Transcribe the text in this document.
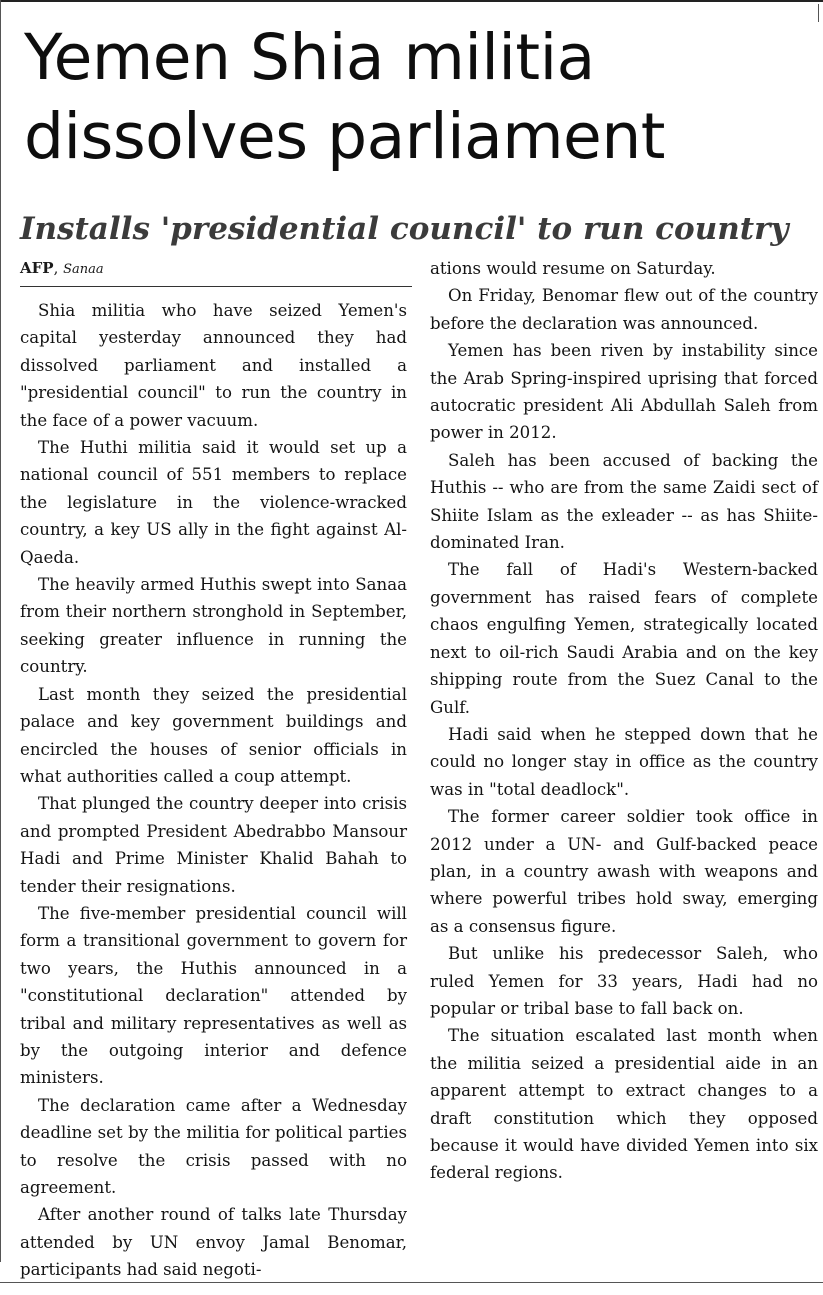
Yemen Shia militia dissolves parliament
Installs 'presidential council' to run country
AFP, Sanaa

Shia militia who have seized Yemen's capital yesterday announced they had dissolved parliament and installed a "presidential council" to run the country in the face of a power vacuum.

The Huthi militia said it would set up a national council of 551 members to replace the legislature in the violence-wracked country, a key US ally in the fight against Al-Qaeda.

The heavily armed Huthis swept into Sanaa from their northern stronghold in September, seeking greater influence in running the country.

Last month they seized the presidential palace and key government buildings and encircled the houses of senior officials in what authorities called a coup attempt.

That plunged the country deeper into crisis and prompted President Abedrabbo Mansour Hadi and Prime Minister Khalid Bahah to tender their resignations.

The five-member presidential council will form a transitional government to govern for two years, the Huthis announced in a "constitutional declaration" attended by tribal and military representatives as well as by the outgoing interior and defence ministers.

The declaration came after a Wednesday deadline set by the militia for political parties to resolve the crisis passed with no agreement.

After another round of talks late Thursday attended by UN envoy Jamal Benomar, participants had said negoti-

ations would resume on Saturday.

On Friday, Benomar flew out of the country before the declaration was announced.

Yemen has been riven by instability since the Arab Spring-inspired uprising that forced autocratic president Ali Abdullah Saleh from power in 2012.

Saleh has been accused of backing the Huthis -- who are from the same Zaidi sect of Shiite Islam as the exleader -- as has Shiite-dominated Iran.

The fall of Hadi's Western-backed government has raised fears of complete chaos engulfing Yemen, strategically located next to oil-rich Saudi Arabia and on the key shipping route from the Suez Canal to the Gulf.

Hadi said when he stepped down that he could no longer stay in office as the country was in "total deadlock".

The former career soldier took office in 2012 under a UN- and Gulf-backed peace plan, in a country awash with weapons and where powerful tribes hold sway, emerging as a consensus figure.

But unlike his predecessor Saleh, who ruled Yemen for 33 years, Hadi had no popular or tribal base to fall back on.

The situation escalated last month when the militia seized a presidential aide in an apparent attempt to extract changes to a draft constitution which they opposed because it would have divided Yemen into six federal regions.
